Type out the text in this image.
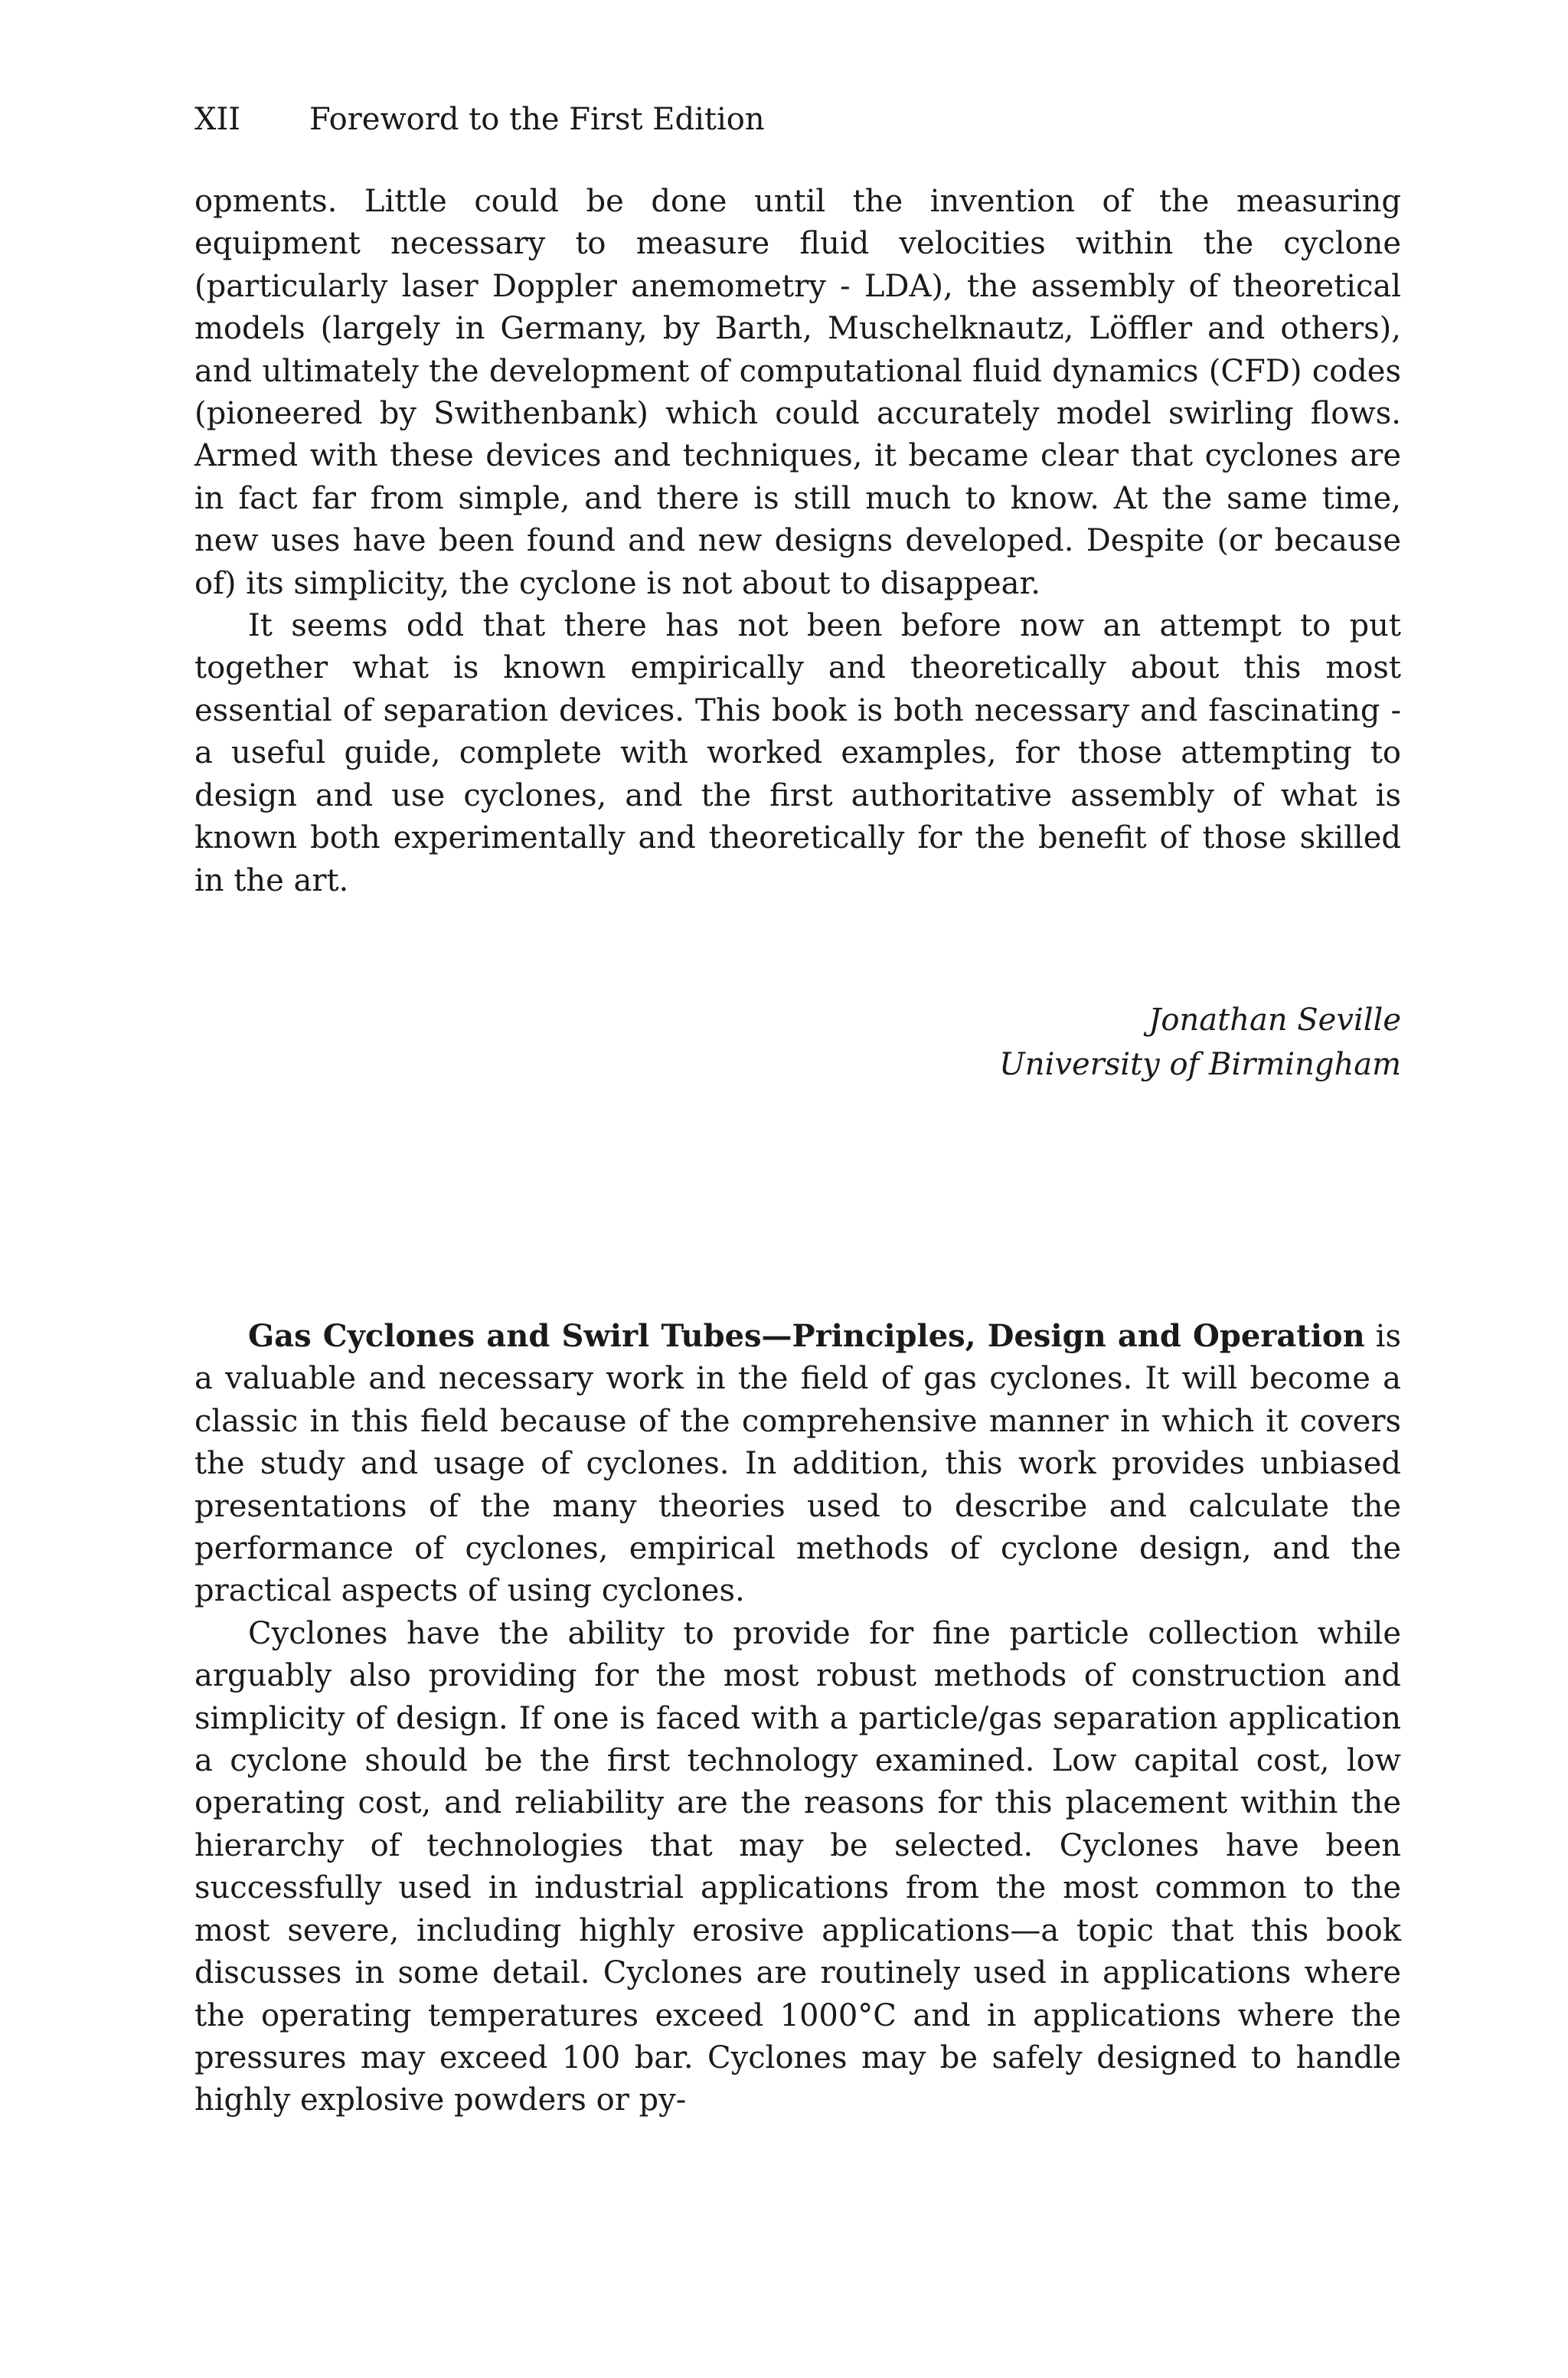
XII Foreword to the First Edition

opments. Little could be done until the invention of the measuring equipment necessary to measure fluid velocities within the cyclone (particularly laser Doppler anemometry - LDA), the assembly of theoretical models (largely in Germany, by Barth, Muschelknautz, Löffler and others), and ultimately the development of computational fluid dynamics (CFD) codes (pioneered by Swithenbank) which could accurately model swirling flows. Armed with these devices and techniques, it became clear that cyclones are in fact far from simple, and there is still much to know. At the same time, new uses have been found and new designs developed. Despite (or because of) its simplicity, the cyclone is not about to disappear.

It seems odd that there has not been before now an attempt to put together what is known empirically and theoretically about this most essential of separation devices. This book is both necessary and fascinating - a useful guide, complete with worked examples, for those attempting to design and use cyclones, and the first authoritative assembly of what is known both experimentally and theoretically for the benefit of those skilled in the art.

Jonathan Seville
University of Birmingham

Gas Cyclones and Swirl Tubes—Principles, Design and Operation is a valuable and necessary work in the field of gas cyclones. It will become a classic in this field because of the comprehensive manner in which it covers the study and usage of cyclones. In addition, this work provides unbiased presentations of the many theories used to describe and calculate the performance of cyclones, empirical methods of cyclone design, and the practical aspects of using cyclones.

Cyclones have the ability to provide for fine particle collection while arguably also providing for the most robust methods of construction and simplicity of design. If one is faced with a particle/gas separation application a cyclone should be the first technology examined. Low capital cost, low operating cost, and reliability are the reasons for this placement within the hierarchy of technologies that may be selected. Cyclones have been successfully used in industrial applications from the most common to the most severe, including highly erosive applications—a topic that this book discusses in some detail. Cyclones are routinely used in applications where the operating temperatures exceed 1000°C and in applications where the pressures may exceed 100 bar. Cyclones may be safely designed to handle highly explosive powders or py-
